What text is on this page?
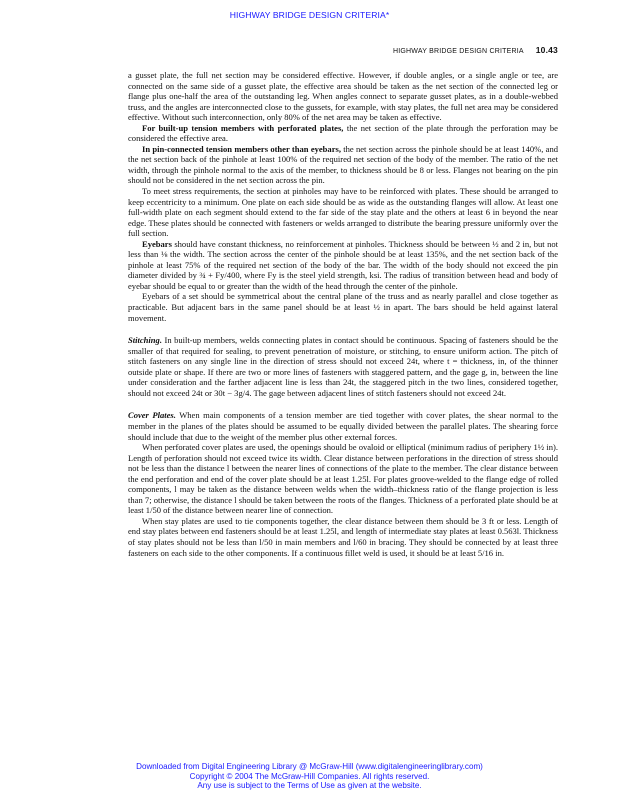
HIGHWAY BRIDGE DESIGN CRITERIA*
HIGHWAY BRIDGE DESIGN CRITERIA 10.43

a gusset plate, the full net section may be considered effective. However, if double angles, or a single angle or tee, are connected on the same side of a gusset plate, the effective area should be taken as the net section of the connected leg or flange plus one-half the area of the outstanding leg. When angles connect to separate gusset plates, as in a double-webbed truss, and the angles are interconnected close to the gussets, for example, with stay plates, the full net area may be considered effective. Without such interconnection, only 80% of the net area may be taken as effective.

For built-up tension members with perforated plates, the net section of the plate through the perforation may be considered the effective area.

In pin-connected tension members other than eyebars, the net section across the pinhole should be at least 140%, and the net section back of the pinhole at least 100% of the required net section of the body of the member. The ratio of the net width, through the pinhole normal to the axis of the member, to thickness should be 8 or less. Flanges not bearing on the pin should not be considered in the net section across the pin.

To meet stress requirements, the section at pinholes may have to be reinforced with plates. These should be arranged to keep eccentricity to a minimum. One plate on each side should be as wide as the outstanding flanges will allow. At least one full-width plate on each segment should extend to the far side of the stay plate and the others at least 6 in beyond the near edge. These plates should be connected with fasteners or welds arranged to distribute the bearing pressure uniformly over the full section.

Eyebars should have constant thickness, no reinforcement at pinholes. Thickness should be between ½ and 2 in, but not less than ⅛ the width. The section across the center of the pinhole should be at least 135%, and the net section back of the pinhole at least 75% of the required net section of the body of the bar. The width of the body should not exceed the pin diameter divided by ¾ + Fy/400, where Fy is the steel yield strength, ksi. The radius of transition between head and body of eyebar should be equal to or greater than the width of the head through the center of the pinhole.

Eyebars of a set should be symmetrical about the central plane of the truss and as nearly parallel and close together as practicable. But adjacent bars in the same panel should be at least ½ in apart. The bars should be held against lateral movement.

Stitching. In built-up members, welds connecting plates in contact should be continuous. Spacing of fasteners should be the smaller of that required for sealing, to prevent penetration of moisture, or stitching, to ensure uniform action. The pitch of stitch fasteners on any single line in the direction of stress should not exceed 24t, where t = thickness, in, of the thinner outside plate or shape. If there are two or more lines of fasteners with staggered pattern, and the gage g, in, between the line under consideration and the farther adjacent line is less than 24t, the staggered pitch in the two lines, considered together, should not exceed 24t or 30t − 3g/4. The gage between adjacent lines of stitch fasteners should not exceed 24t.

Cover Plates. When main components of a tension member are tied together with cover plates, the shear normal to the member in the planes of the plates should be assumed to be equally divided between the parallel plates. The shearing force should include that due to the weight of the member plus other external forces.

When perforated cover plates are used, the openings should be ovaloid or elliptical (minimum radius of periphery 1½ in). Length of perforation should not exceed twice its width. Clear distance between perforations in the direction of stress should not be less than the distance l between the nearer lines of connections of the plate to the member. The clear distance between the end perforation and end of the cover plate should be at least 1.25l. For plates groove-welded to the flange edge of rolled components, l may be taken as the distance between welds when the width–thickness ratio of the flange projection is less than 7; otherwise, the distance l should be taken between the roots of the flanges. Thickness of a perforated plate should be at least 1/50 of the distance between nearer line of connection.

When stay plates are used to tie components together, the clear distance between them should be 3 ft or less. Length of end stay plates between end fasteners should be at least 1.25l, and length of intermediate stay plates at least 0.563l. Thickness of stay plates should not be less than l/50 in main members and l/60 in bracing. They should be connected by at least three fasteners on each side to the other components. If a continuous fillet weld is used, it should be at least 5/16 in.

Downloaded from Digital Engineering Library @ McGraw-Hill (www.digitalengineeringlibrary.com)
Copyright © 2004 The McGraw-Hill Companies. All rights reserved.
Any use is subject to the Terms of Use as given at the website.
